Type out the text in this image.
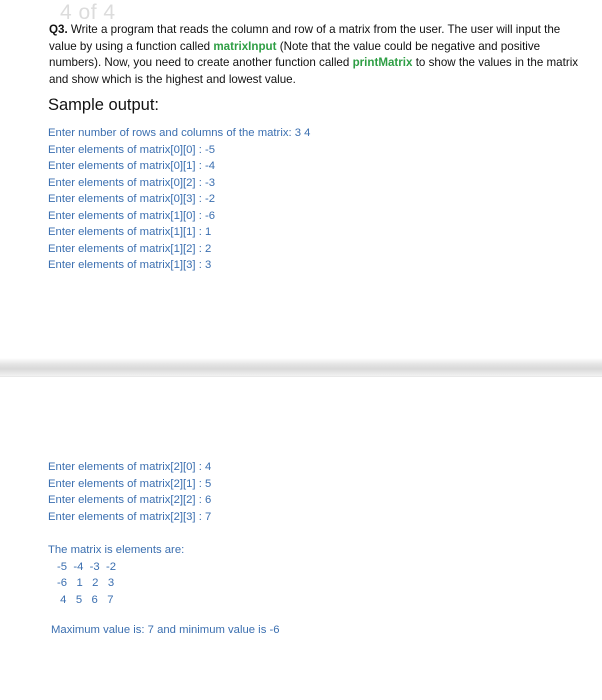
4 of 4
Q3. Write a program that reads the column and row of a matrix from the user. The user will input the value by using a function called matrixInput (Note that the value could be negative and positive numbers). Now, you need to create another function called printMatrix to show the values in the matrix and show which is the highest and lowest value.
Sample output:
Enter number of rows and columns of the matrix: 3 4
Enter elements of matrix[0][0] : -5
Enter elements of matrix[0][1] : -4
Enter elements of matrix[0][2] : -3
Enter elements of matrix[0][3] : -2
Enter elements of matrix[1][0] : -6
Enter elements of matrix[1][1] : 1
Enter elements of matrix[1][2] : 2
Enter elements of matrix[1][3] : 3
Enter elements of matrix[2][0] : 4
Enter elements of matrix[2][1] : 5
Enter elements of matrix[2][2] : 6
Enter elements of matrix[2][3] : 7
The matrix is elements are:
-5  -4  -3  -2
-6   1   2   3
4   5   6   7
Maximum value is: 7 and minimum value is -6
